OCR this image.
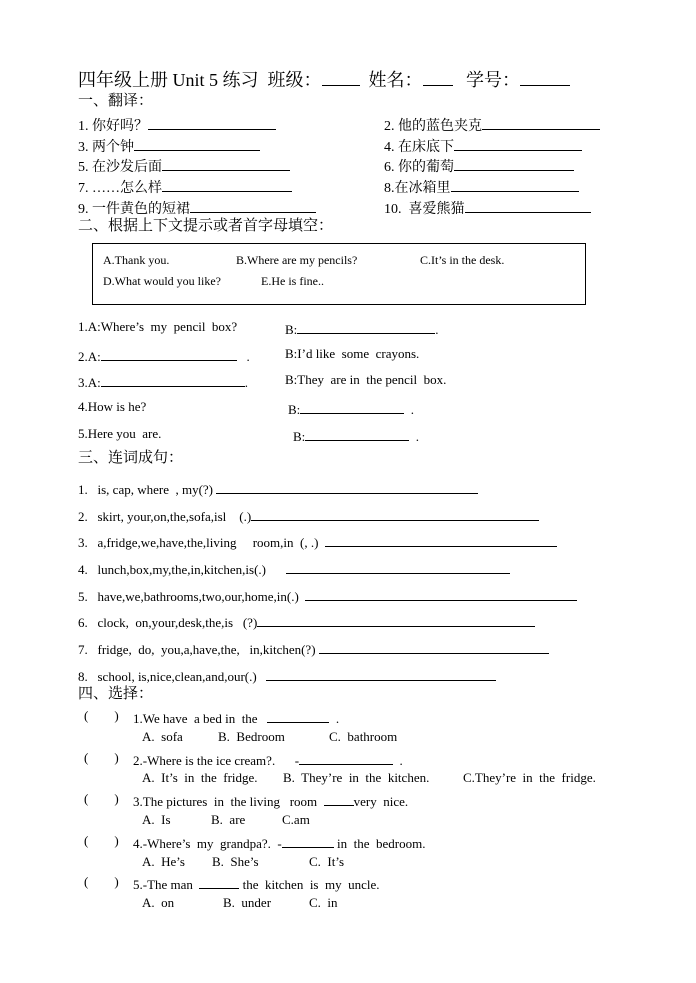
四年级上册 Unit 5 练习 班级：	姓名： 学号：
一、翻译：
1. 你好吗？	2. 他的蓝色夹克
3. 两个钟	4. 在床底下
5. 在沙发后面	6. 你的葡萄
7. ……怎么样	8.在冰箱里
9. 一件黄色的短裙	10. 喜爱熊猫
二、根据上下文提示或者首字母填空：
A.Thank you.	B.Where are my pencils?	C.It’s in the desk.
D.What would you like?	E.He is fine..
1.A:Where’s  my  pencil  box?	B:	.
2.A:	.	B:I’d like  some  crayons.
3.A:	.	B:They  are in  the pencil  box.
4.How is he?	B:	.
5.Here you  are.	B:	.
三、连词成句：
1. is, cap, where  , my(?)
2. skirt, your,on,the,sofa,isl    (.)
3. a,fridge,we,have,the,living     room,in  (, .)
4. lunch,box,my,the,in,kitchen,is(.)
5. have,we,bathrooms,two,our,home,in(.)
6. clock,  on,your,desk,the,is   (?)
7. fridge,  do,  you,a,have,the,   in,kitchen(?)
8. school, is,nice,clean,and,our(.)
四、选择：
(        ) 1.We have  a bed in  the	.
A.  sofa	B.  Bedroom	C.  bathroom
(        ) 2.-Where is the ice cream?.      -	.
A.  It’s  in  the  fridge. B.  They’re  in  the  kitchen.	C.They’re  in  the  fridge.
(        ) 3.The pictures  in  the living   room	very  nice.
A.  Is	B.  are	C.am
(        ) 4.-Where’s  my  grandpa?.  -	in  the  bedroom.
A.  He’s B.  She’s	C.  It’s
(        ) 5.-The man	the  kitchen  is  my  uncle.
A.  on	B.  under	C.  in
